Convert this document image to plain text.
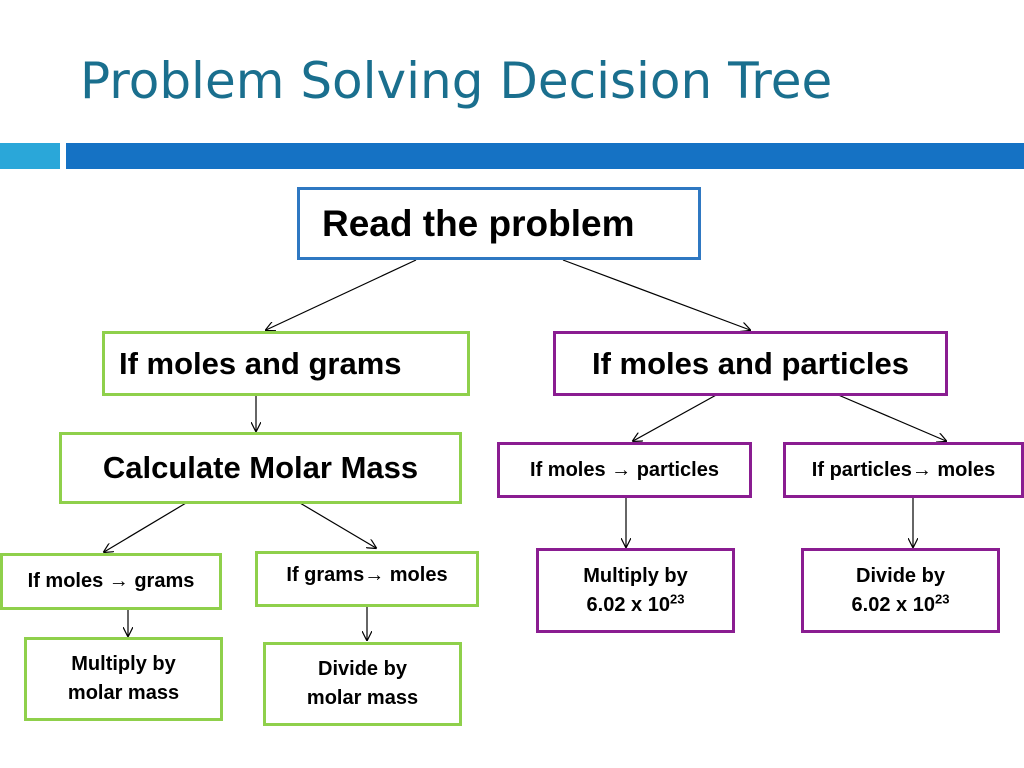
Problem Solving Decision Tree
Read the problem
If moles and grams	If moles and particles
Calculate Molar Mass	If moles → particles	If particles→ moles
If moles → grams	If grams→ moles	Multiply by
6.02 x $10^{23}$
Divide by
6.02 x $10^{23}$
Multiply by
molar mass
Divide by
molar mass
